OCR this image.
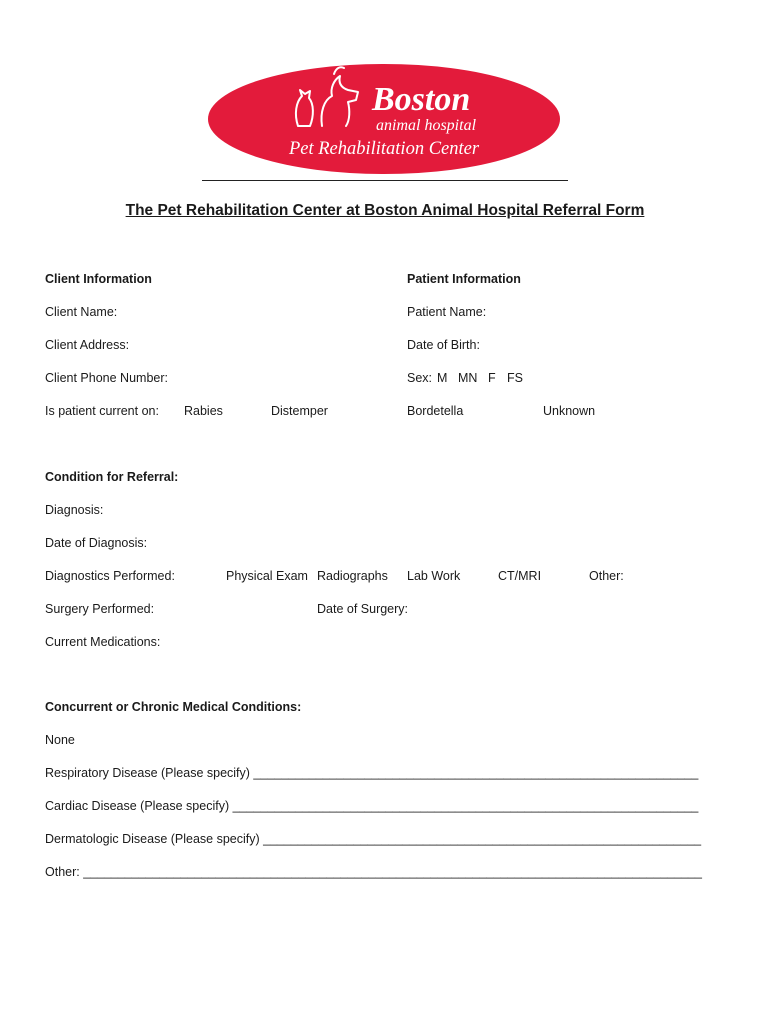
Boston
animal hospital
Pet Rehabilitation Center
The Pet Rehabilitation Center at Boston Animal Hospital Referral Form
Client Information	Patient Information
Client Name:	Patient Name:
Client Address:	Date of Birth:
Client Phone Number:	Sex: M MN F FS
Is patient current on: Rabies	Distemper	Bordetella	Unknown
Condition for Referral:
Diagnosis:
Date of Diagnosis:
Diagnostics Performed:	Physical Exam Radiographs Lab Work	CT/MRI	Other:
Surgery Performed:	Date of Surgery:
Current Medications:
Concurrent or Chronic Medical Conditions:
None
Respiratory Disease (Please specify) ________________________________________________________________
Cardiac Disease (Please specify) ___________________________________________________________________
Dermatologic Disease (Please specify) _______________________________________________________________
Other: _________________________________________________________________________________________
